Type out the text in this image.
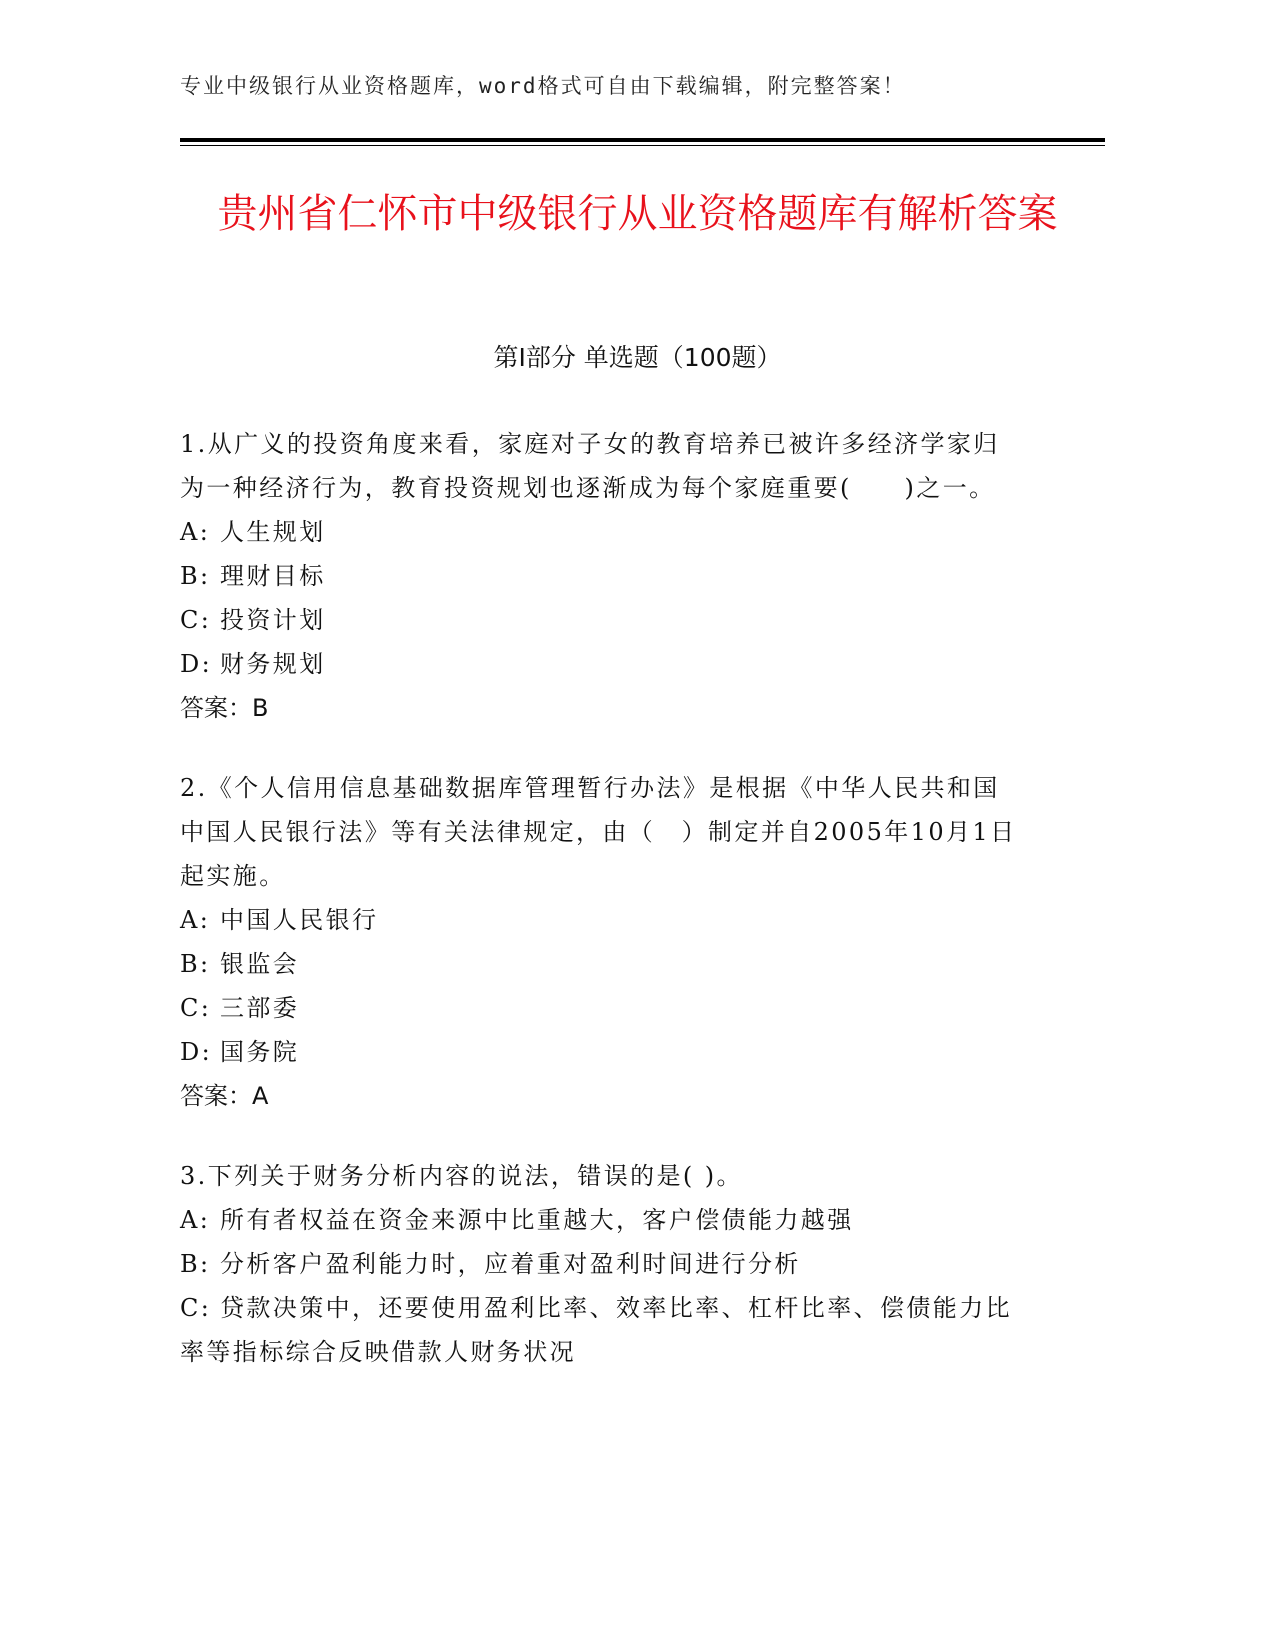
专业中级银行从业资格题库，word格式可自由下载编辑，附完整答案！
贵州省仁怀市中级银行从业资格题库有解析答案
第Ⅰ部分 单选题（100题）
1.从广义的投资角度来看，家庭对子女的教育培养已被许多经济学家归为一种经济行为，教育投资规划也逐渐成为每个家庭重要(　　)之一。
A: 人生规划
B: 理财目标
C: 投资计划
D: 财务规划
答案：B
2.《个人信用信息基础数据库管理暂行办法》是根据《中华人民共和国中国人民银行法》等有关法律规定，由（　）制定并自2005年10月1日起实施。
A: 中国人民银行
B: 银监会
C: 三部委
D: 国务院
答案：A
3.下列关于财务分析内容的说法，错误的是( )。
A: 所有者权益在资金来源中比重越大，客户偿债能力越强
B: 分析客户盈利能力时，应着重对盈利时间进行分析
C: 贷款决策中，还要使用盈利比率、效率比率、杠杆比率、偿债能力比率等指标综合反映借款人财务状况
